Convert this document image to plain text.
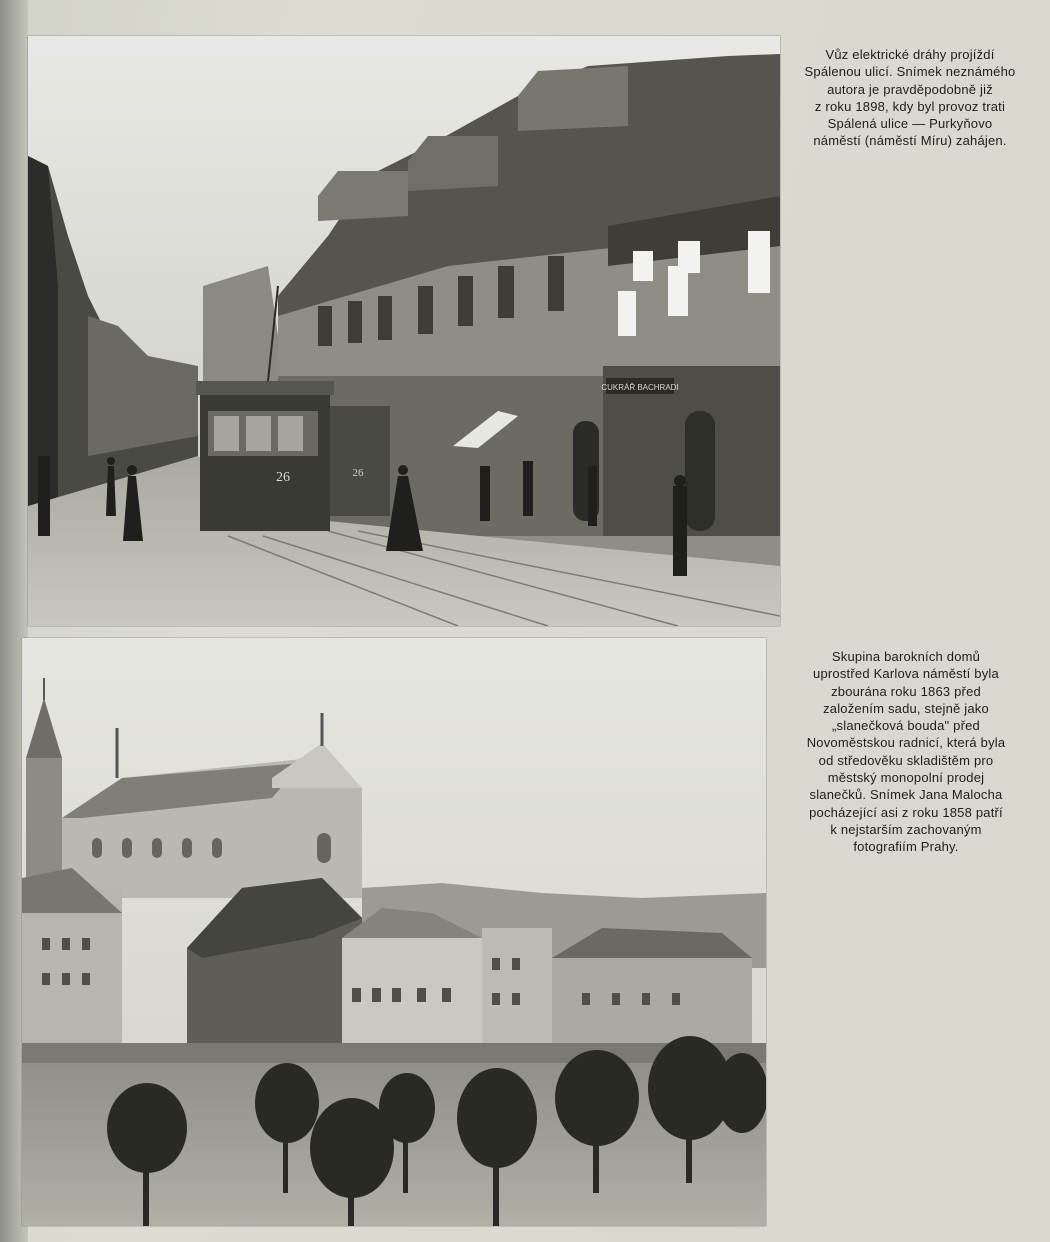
CUKRÁŘ BACHRADI
26	26
Vůz elektrické dráhy projíždí
Spálenou ulicí. Snímek neznámého
autora je pravděpodobně již
z roku 1898, kdy byl provoz trati
Spálená ulice — Purkyňovo
náměstí (náměstí Míru) zahájen.
Skupina barokních domů
uprostřed Karlova náměstí byla
zbourána roku 1863 před
založením sadu, stejně jako
„slanečková bouda" před
Novoměstskou radnicí, která byla
od středověku skladištěm pro
městský monopolní prodej
slanečků. Snímek Jana Malocha
pocházející asi z roku 1858 patří
k nejstarším zachovaným
fotografiím Prahy.
